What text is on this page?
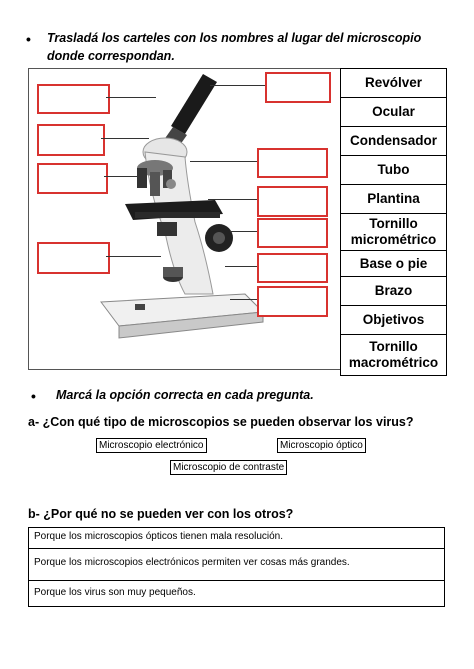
• Trasladá los carteles con los nombres al lugar del microscopio
donde correspondan.
Revólver
Ocular
Condensador
Tubo
Plantina
Tornillo micrométrico
Base o pie
Brazo
Objetivos
Tornillo macrométrico
• Marcá la opción correcta en cada pregunta.
a- ¿Con qué tipo de microscopios se pueden observar los virus?
Microscopio electrónico	Microscopio óptico
Microscopio de contraste
b- ¿Por qué no se pueden ver con los otros?
Porque los microscopios ópticos tienen mala resolución.
Porque los microscopios electrónicos permiten ver cosas más grandes.
Porque los virus son muy pequeños.
